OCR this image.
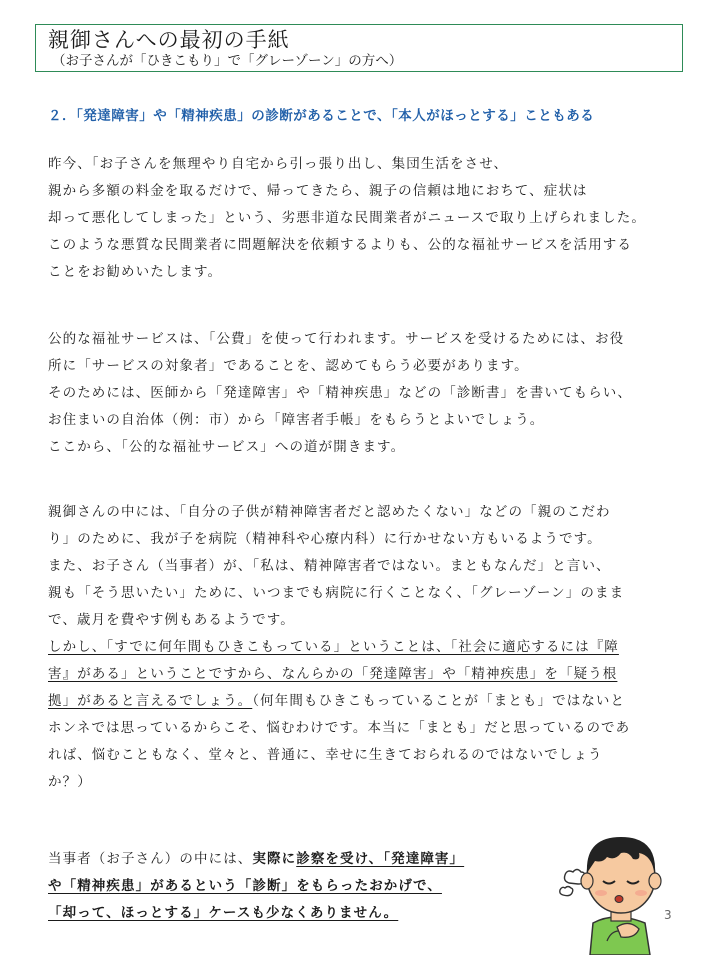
親御さんへの最初の手紙
（お子さんが「ひきこもり」で「グレーゾーン」の方へ）
２．「発達障害」や「精神疾患」の診断があることで、「本人がほっとする」こともある
昨今、「お子さんを無理やり自宅から引っ張り出し、集団生活をさせ、
親から多額の料金を取るだけで、帰ってきたら、親子の信頼は地におちて、症状は
却って悪化してしまった」という、劣悪非道な民間業者がニュースで取り上げられました。
このような悪質な民間業者に問題解決を依頼するよりも、公的な福祉サービスを活用する
ことをお勧めいたします。
公的な福祉サービスは、「公費」を使って行われます。サービスを受けるためには、お役
所に「サービスの対象者」であることを、認めてもらう必要があります。
そのためには、医師から「発達障害」や「精神疾患」などの「診断書」を書いてもらい、
お住まいの自治体（例：市）から「障害者手帳」をもらうとよいでしょう。
ここから、「公的な福祉サービス」への道が開きます。
親御さんの中には、「自分の子供が精神障害者だと認めたくない」などの「親のこだわ
り」のために、我が子を病院（精神科や心療内科）に行かせない方もいるようです。
また、お子さん（当事者）が、「私は、精神障害者ではない。まともなんだ」と言い、
親も「そう思いたい」ために、いつまでも病院に行くことなく、「グレーゾーン」のまま
で、歳月を費やす例もあるようです。
しかし、「すでに何年間もひきこもっている」ということは、「社会に適応するには『障
害』がある」ということですから、なんらかの「発達障害」や「精神疾患」を「疑う根
拠」があると言えるでしょう。（何年間もひきこもっていることが「まとも」ではないと
ホンネでは思っているからこそ、悩むわけです。本当に「まとも」だと思っているのであ
れば、悩むこともなく、堂々と、普通に、幸せに生きておられるのではないでしょう
か？）
当事者（お子さん）の中には、実際に診察を受け、「発達障害」
や「精神疾患」があるという「診断」をもらったおかげで、
「却って、ほっとする」ケースも少なくありません。	3
